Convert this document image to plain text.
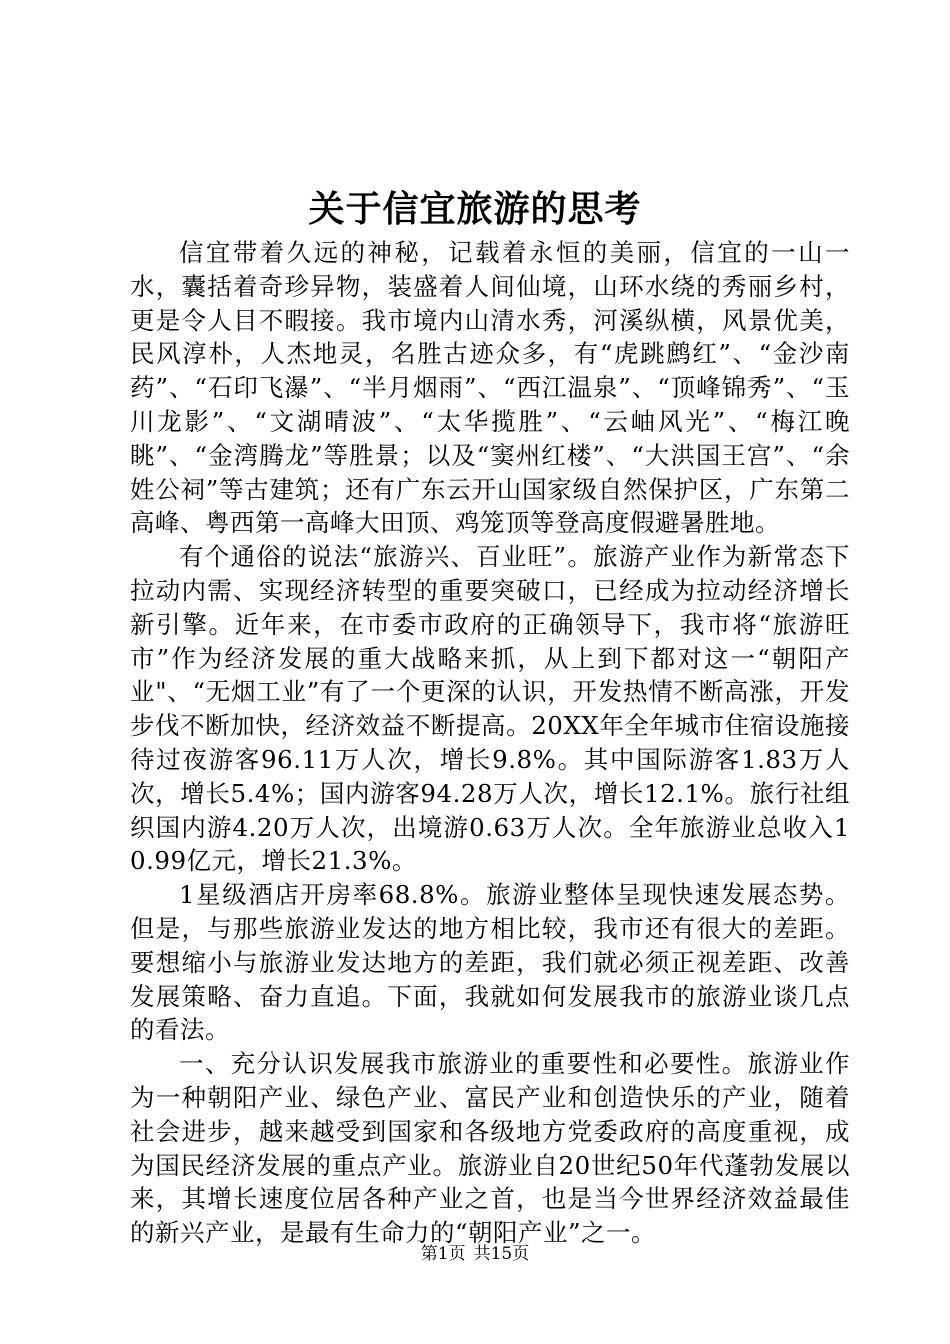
关于信宜旅游的思考

信宜带着久远的神秘，记载着永恒的美丽，信宜的一山一水，囊括着奇珍异物，装盛着人间仙境，山环水绕的秀丽乡村，更是令人目不暇接。我市境内山清水秀，河溪纵横，风景优美，民风淳朴，人杰地灵，名胜古迹众多，有“虎跳鹧红”、“金沙南药”、“石印飞瀑”、“半月烟雨”、“西江温泉”、“顶峰锦秀”、“玉川龙影”、“文湖晴波”、“太华揽胜”、“云岫风光”、“梅江晚眺”、“金湾腾龙”等胜景；以及“窦州红楼”、“大洪国王宫”、“余姓公祠”等古建筑；还有广东云开山国家级自然保护区，广东第二高峰、粤西第一高峰大田顶、鸡笼顶等登高度假避暑胜地。

有个通俗的说法“旅游兴、百业旺”。旅游产业作为新常态下拉动内需、实现经济转型的重要突破口，已经成为拉动经济增长新引擎。近年来，在市委市政府的正确领导下，我市将“旅游旺市”作为经济发展的重大战略来抓，从上到下都对这一“朝阳产业"、“无烟工业”有了一个更深的认识，开发热情不断高涨，开发步伐不断加快，经济效益不断提高。20XX年全年城市住宿设施接待过夜游客96.11万人次，增长9.8%。其中国际游客1.83万人次，增长5.4%；国内游客94.28万人次，增长12.1%。旅行社组织国内游4.20万人次，出境游0.63万人次。全年旅游业总收入10.99亿元，增长21.3%。

1星级酒店开房率68.8%。旅游业整体呈现快速发展态势。但是，与那些旅游业发达的地方相比较，我市还有很大的差距。要想缩小与旅游业发达地方的差距，我们就必须正视差距、改善发展策略、奋力直追。下面，我就如何发展我市的旅游业谈几点的看法。

一、充分认识发展我市旅游业的重要性和必要性。旅游业作为一种朝阳产业、绿色产业、富民产业和创造快乐的产业，随着社会进步，越来越受到国家和各级地方党委政府的高度重视，成为国民经济发展的重点产业。旅游业自20世纪50年代蓬勃发展以来，其增长速度位居各种产业之首，也是当今世界经济效益最佳的新兴产业，是最有生命力的“朝阳产业”之一。

第1页 共15页
